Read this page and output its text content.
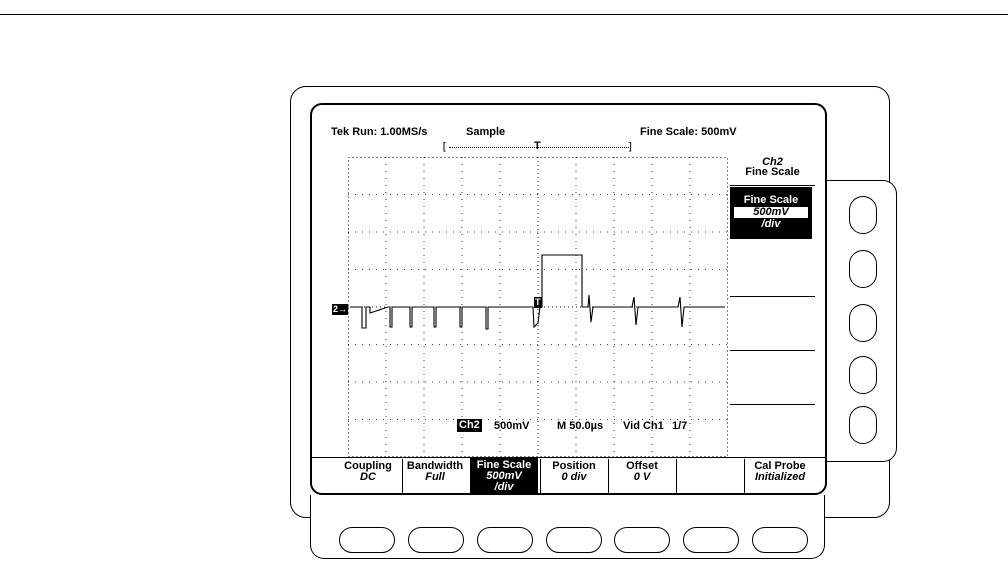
Tek Run: 1.00MS/s	Sample	Fine Scale: 500mV
[	T	]
2→
T
Ch2 500mV	M 50.0µs Vid Ch1 1/7
Ch2
Fine Scale
Fine Scale
500mV
/div
Coupling
DC
Bandwidth
Full
Fine Scale
500mV
/div
Position
0 div
Offset
0 V
Cal Probe
Initialized
